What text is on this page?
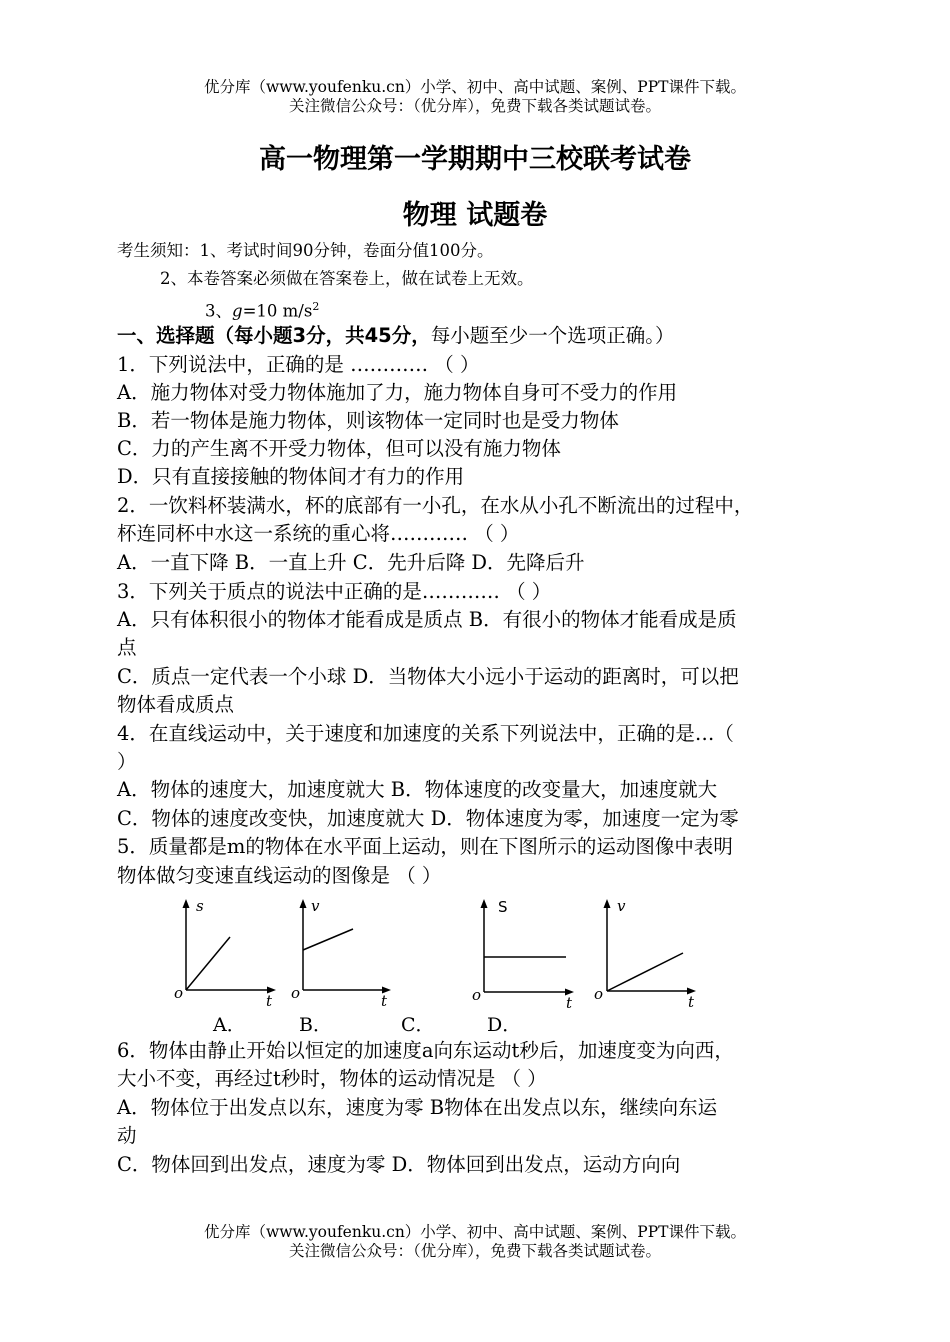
优分库（www.youfenku.cn）小学、初中、高中试题、案例、PPT课件下载。
关注微信公众号：（优分库），免费下载各类试题试卷。
高一物理第一学期期中三校联考试卷
物理 试题卷
考生须知：1、考试时间90分钟，卷面分值100分。
2、本卷答案必须做在答案卷上，做在试卷上无效。
3、g=10 $m/s^2$
一、选择题（每小题3分，共45分，每小题至少一个选项正确。）
1．下列说法中，正确的是 ………… （ ）
A．施力物体对受力物体施加了力，施力物体自身可不受力的作用
B．若一物体是施力物体，则该物体一定同时也是受力物体
C．力的产生离不开受力物体，但可以没有施力物体
D．只有直接接触的物体间才有力的作用
2．一饮料杯装满水，杯的底部有一小孔，在水从小孔不断流出的过程中，
杯连同杯中水这一系统的重心将………… （ ）
A．一直下降 B．一直上升 C．先升后降 D．先降后升
3．下列关于质点的说法中正确的是………… （ ）
A．只有体积很小的物体才能看成是质点 B．有很小的物体才能看成是质
点
C．质点一定代表一个小球 D．当物体大小远小于运动的距离时，可以把
物体看成质点
4．在直线运动中，关于速度和加速度的关系下列说法中，正确的是…（
）
A．物体的速度大，加速度就大 B．物体速度的改变量大，加速度就大
C．物体的速度改变快，加速度就大 D．物体速度为零，加速度一定为零
5．质量都是m的物体在水平面上运动，则在下图所示的运动图像中表明
物体做匀变速直线运动的图像是 （ ）
s
t
o
v
t
o
S
t
o
v
t
o
A．	B．	C．	D．
6．物体由静止开始以恒定的加速度a向东运动t秒后，加速度变为向西，
大小不变，再经过t秒时，物体的运动情况是 （ ）
A．物体位于出发点以东，速度为零 B物体在出发点以东，继续向东运
动
C．物体回到出发点，速度为零 D．物体回到出发点，运动方向向
优分库（www.youfenku.cn）小学、初中、高中试题、案例、PPT课件下载。
关注微信公众号：（优分库），免费下载各类试题试卷。
